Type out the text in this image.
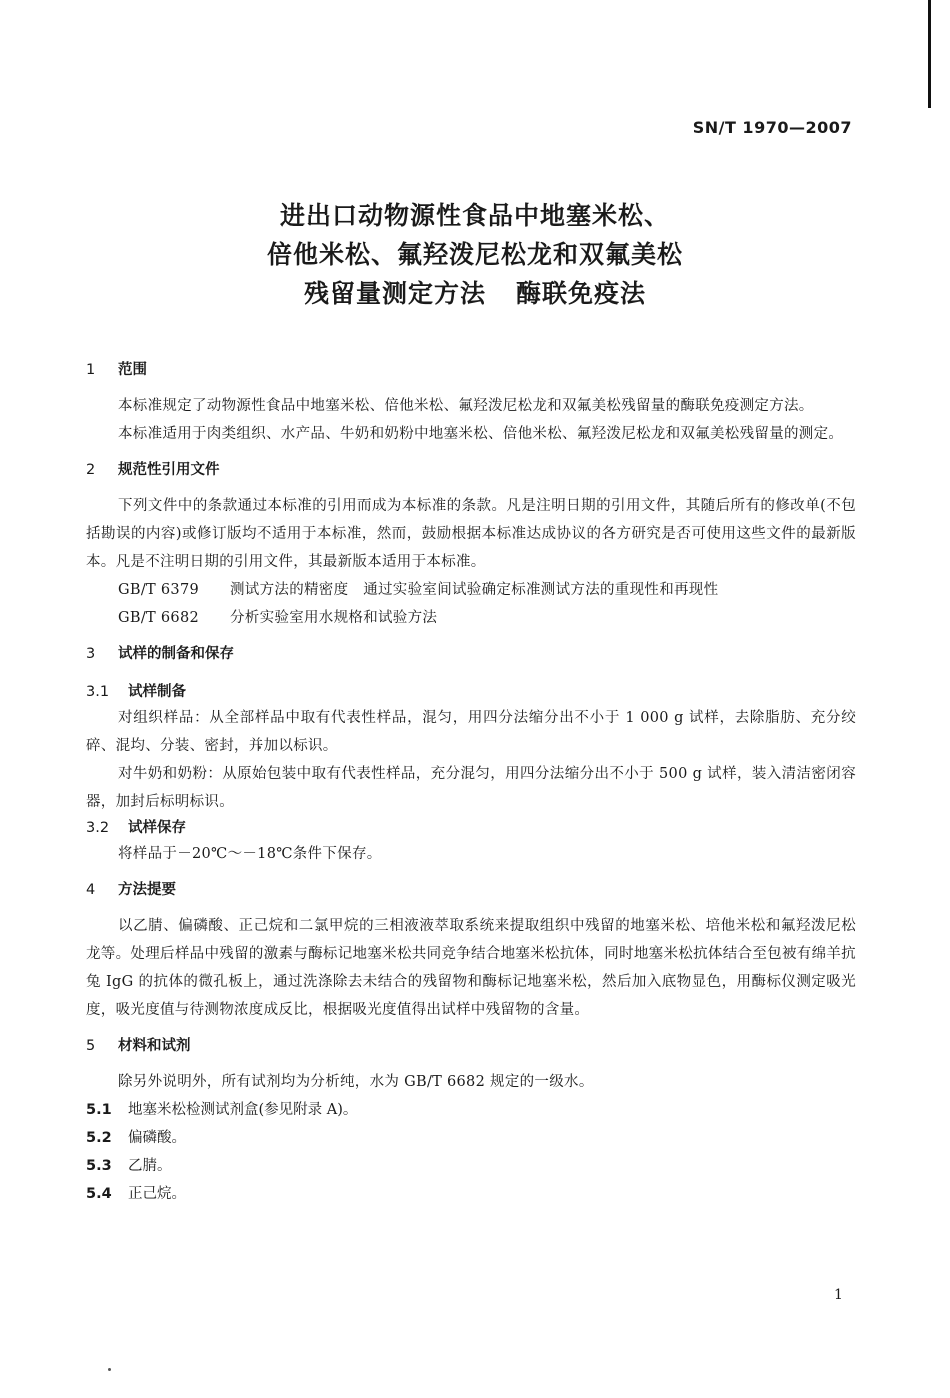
SN/T 1970—2007
进出口动物源性食品中地塞米松、
倍他米松、氟羟泼尼松龙和双氟美松
残留量测定方法 酶联免疫法
1 范围

本标准规定了动物源性食品中地塞米松、倍他米松、氟羟泼尼松龙和双氟美松残留量的酶联免疫测定方法。

本标准适用于肉类组织、水产品、牛奶和奶粉中地塞米松、倍他米松、氟羟泼尼松龙和双氟美松残留量的测定。

2 规范性引用文件

下列文件中的条款通过本标准的引用而成为本标准的条款。凡是注明日期的引用文件，其随后所有的修改单(不包括勘误的内容)或修订版均不适用于本标准，然而，鼓励根据本标准达成协议的各方研究是否可使用这些文件的最新版本。凡是不注明日期的引用文件，其最新版本适用于本标准。

GB/T 6379 测试方法的精密度　通过实验室间试验确定标准测试方法的重现性和再现性

GB/T 6682 分析实验室用水规格和试验方法

3 试样的制备和保存
3.1 试样制备

对组织样品：从全部样品中取有代表性样品，混匀，用四分法缩分出不小于 1 000 g 试样，去除脂肪、充分绞碎、混均、分装、密封，并加以标识。

对牛奶和奶粉：从原始包装中取有代表性样品，充分混匀，用四分法缩分出不小于 500 g 试样，装入清洁密闭容器，加封后标明标识。

3.2 试样保存

将样品于－20℃～－18℃条件下保存。

4 方法提要

以乙腈、偏磷酸、正己烷和二氯甲烷的三相液液萃取系统来提取组织中残留的地塞米松、培他米松和氟羟泼尼松龙等。处理后样品中残留的激素与酶标记地塞米松共同竞争结合地塞米松抗体，同时地塞米松抗体结合至包被有绵羊抗兔 IgG 的抗体的微孔板上，通过洗涤除去未结合的残留物和酶标记地塞米松，然后加入底物显色，用酶标仪测定吸光度，吸光度值与待测物浓度成反比，根据吸光度值得出试样中残留物的含量。

5 材料和试剂

除另外说明外，所有试剂均为分析纯，水为 GB/T 6682 规定的一级水。

5.1 地塞米松检测试剂盒(参见附录 A)。

5.2 偏磷酸。

5.3 乙腈。

5.4 正己烷。

1
